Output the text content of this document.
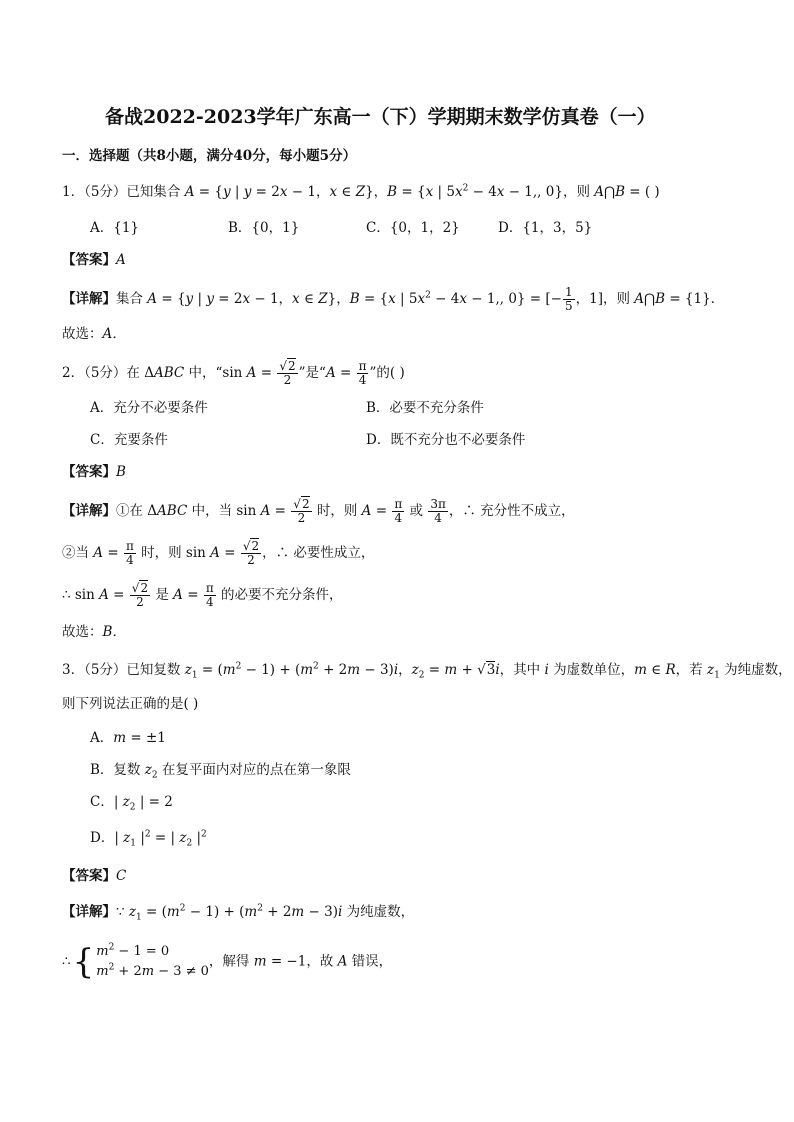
备战2022-2023学年广东高一（下）学期期末数学仿真卷（一）
一．选择题（共8小题，满分40分，每小题5分）
1．（5分）已知集合 A = {y | y = 2x − 1，x ∈ Z}，B = {x | $5x^2 - 4x - 1$,, 0}，则 A⋂B = ( )
A．{1}	B．{0，1}	C．{0，1，2}	D．{1，3，5}
【答案】A
【详解】集合 A = {y | y = 2x − 1，x ∈ Z}，B = {x | $5x^2 - 4x - 1$,, 0} = [− $\frac{1}{5}$ ，1]，则 A⋂B = {1}．
故选：A．
2．（5分）在 ΔABC 中，“sin $A = \frac{√2}{2}$ ”是“$A = \frac{\pi}{4}$ ”的( )
A．充分不必要条件	B．必要不充分条件
C．充要条件	D．既不充分也不必要条件
【答案】B
【详解】①在 ΔABC 中，当 $\sin A = \frac{√2}{2}$ 时，则 $A = \frac{\pi}{4}$ 或 $\frac{3\pi}{4}$ ，∴ 充分性不成立，
②当 $A = \frac{\pi}{4}$ 时，则 $\sin A = \frac{√2}{2}$ ，∴ 必要性成立，
∴ $\sin A = \frac{√2}{2}$ 是 $A = \frac{\pi}{4}$ 的必要不充分条件，
故选：B．
3．（5分）已知复数 $z_1 = (m^2 - 1) + (m^2 + 2m - 3)i$，$z_2 = m + √3i$，其中 i 为虚数单位，m ∈ R，若 $z_1$ 为纯虚数，
则下列说法正确的是( )
A．m = ±1
B．复数 $z_2$ 在复平面内对应的点在第一象限
C．| $z_2$ | = 2
D．| $z_1$ $|^2$ = | $z_2$ $|^2$
【答案】C
【详解】∵ $z_1 = (m^2 - 1) + (m^2 + 2m - 3)i$ 为纯虚数，
∴{ $m^2 - 1 = 0$
$m^2 + 2m - 3 \ne 0$，解得 m = −1，故 A 错误，
